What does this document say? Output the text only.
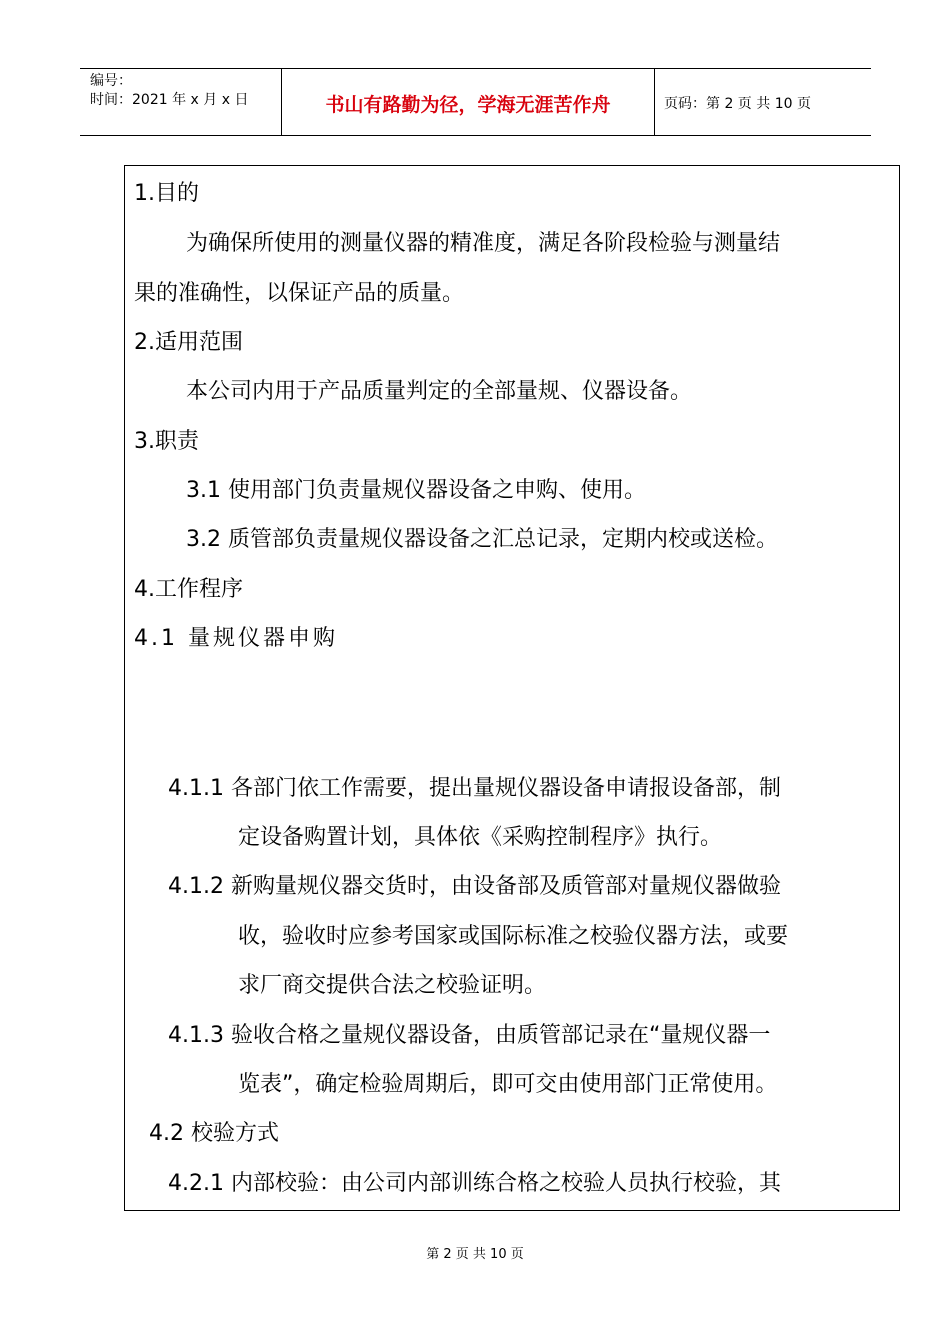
编号：
时间：2021 年 x 月 x 日	书山有路勤为径，学海无涯苦作舟	页码：第 2 页 共 10 页
1.目的
为确保所使用的测量仪器的精准度，满足各阶段检验与测量结
果的准确性，以保证产品的质量。
2.适用范围
本公司内用于产品质量判定的全部量规、仪器设备。
3.职责
3.1 使用部门负责量规仪器设备之申购、使用。
3.2 质管部负责量规仪器设备之汇总记录，定期内校或送检。
4.工作程序
4.1 量规仪器申购
4.1.1 各部门依工作需要，提出量规仪器设备申请报设备部，制
定设备购置计划，具体依《采购控制程序》执行。
4.1.2 新购量规仪器交货时，由设备部及质管部对量规仪器做验
收，验收时应参考国家或国际标准之校验仪器方法，或要
求厂商交提供合法之校验证明。
4.1.3 验收合格之量规仪器设备，由质管部记录在“量规仪器一
览表”，确定检验周期后，即可交由使用部门正常使用。
4.2 校验方式
4.2.1 内部校验：由公司内部训练合格之校验人员执行校验，其
第 2 页 共 10 页
